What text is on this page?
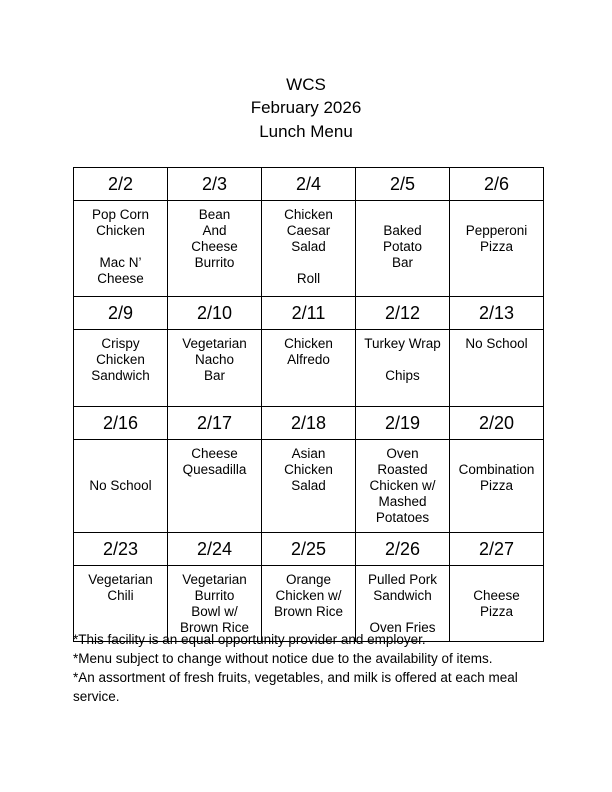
WCS
February 2026
Lunch Menu
2/2	2/3	2/4	2/5	2/6
Pop Corn
Chicken

Mac N’
Cheese	Bean
And
Cheese
Burrito	Chicken
Caesar
Salad

Roll	Baked
Potato
Bar	Pepperoni
Pizza
2/9	2/10	2/11	2/12	2/13
Crispy
Chicken
Sandwich	Vegetarian
Nacho
Bar	Chicken
Alfredo	Turkey Wrap

Chips	No School
2/16	2/17	2/18	2/19	2/20
No School	Cheese
Quesadilla	Asian
Chicken
Salad	Oven
Roasted
Chicken w/
Mashed
Potatoes	Combination
Pizza
2/23	2/24	2/25	2/26	2/27
Vegetarian
Chili	Vegetarian
Burrito
Bowl w/
Brown Rice	Orange
Chicken w/
Brown Rice	Pulled Pork
Sandwich

Oven Fries	Cheese
Pizza
*This facility is an equal opportunity provider and employer.
*Menu subject to change without notice due to the availability of items.
*An assortment of fresh fruits, vegetables, and milk is offered at each meal service.
